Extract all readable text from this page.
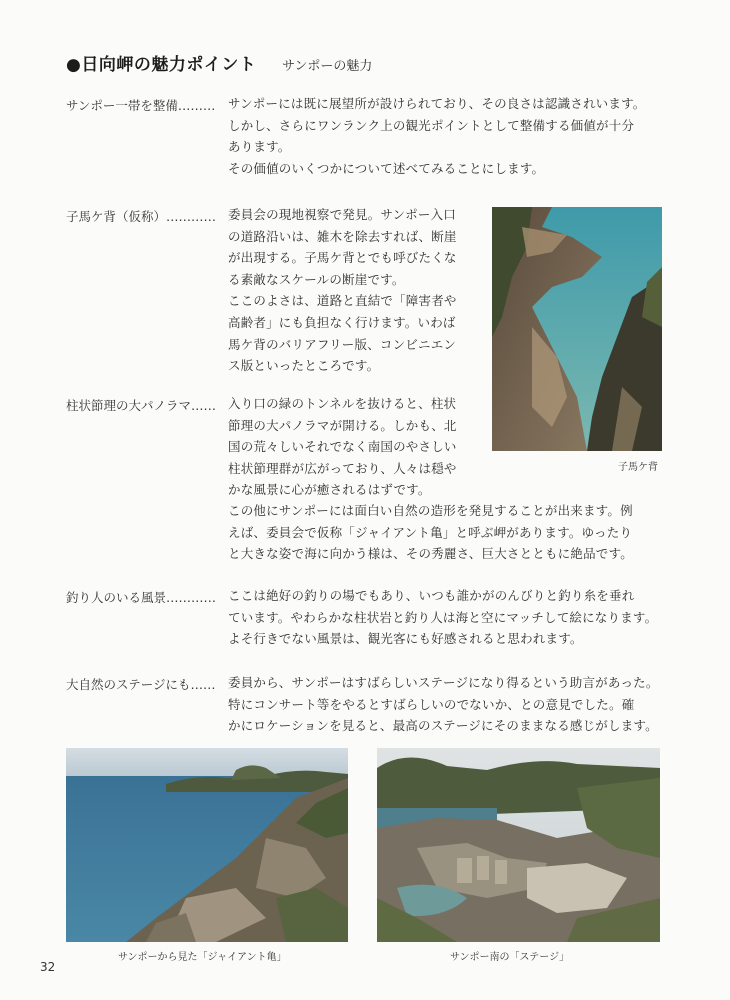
●日向岬の魅力ポイント サンポーの魅力
サンポー一帯を整備……… サンポーには既に展望所が設けられており、その良さは認識されいます。
しかし、さらにワンランク上の観光ポイントとして整備する価値が十分
あります。
その価値のいくつかについて述べてみることにします。
子馬ケ背（仮称）………… 委員会の現地視察で発見。サンポー入口
の道路沿いは、雑木を除去すれば、断崖
が出現する。子馬ケ背とでも呼びたくな
る素敵なスケールの断崖です。
ここのよさは、道路と直結で「障害者や
高齢者」にも負担なく行けます。いわば
馬ケ背のバリアフリー版、コンビニエン
ス版といったところです。
子馬ケ背
柱状節理の大パノラマ…… 入り口の緑のトンネルを抜けると、柱状
節理の大パノラマが開ける。しかも、北
国の荒々しいそれでなく南国のやさしい
柱状節理群が広がっており、人々は穏や
かな風景に心が癒されるはずです。
この他にサンポーには面白い自然の造形を発見することが出来ます。例
えば、委員会で仮称「ジャイアント亀」と呼ぶ岬があります。ゆったり
と大きな姿で海に向かう様は、その秀麗さ、巨大さとともに絶品です。
釣り人のいる風景………… ここは絶好の釣りの場でもあり、いつも誰かがのんびりと釣り糸を垂れ
ています。やわらかな柱状岩と釣り人は海と空にマッチして絵になります。
よそ行きでない風景は、観光客にも好感されると思われます。
大自然のステージにも…… 委員から、サンポーはすばらしいステージになり得るという助言があった。
特にコンサート等をやるとすばらしいのでないか、との意見でした。確
かにロケーションを見ると、最高のステージにそのままなる感じがします。
サンポーから見た「ジャイアント亀」	サンポー南の「ステージ」
32
